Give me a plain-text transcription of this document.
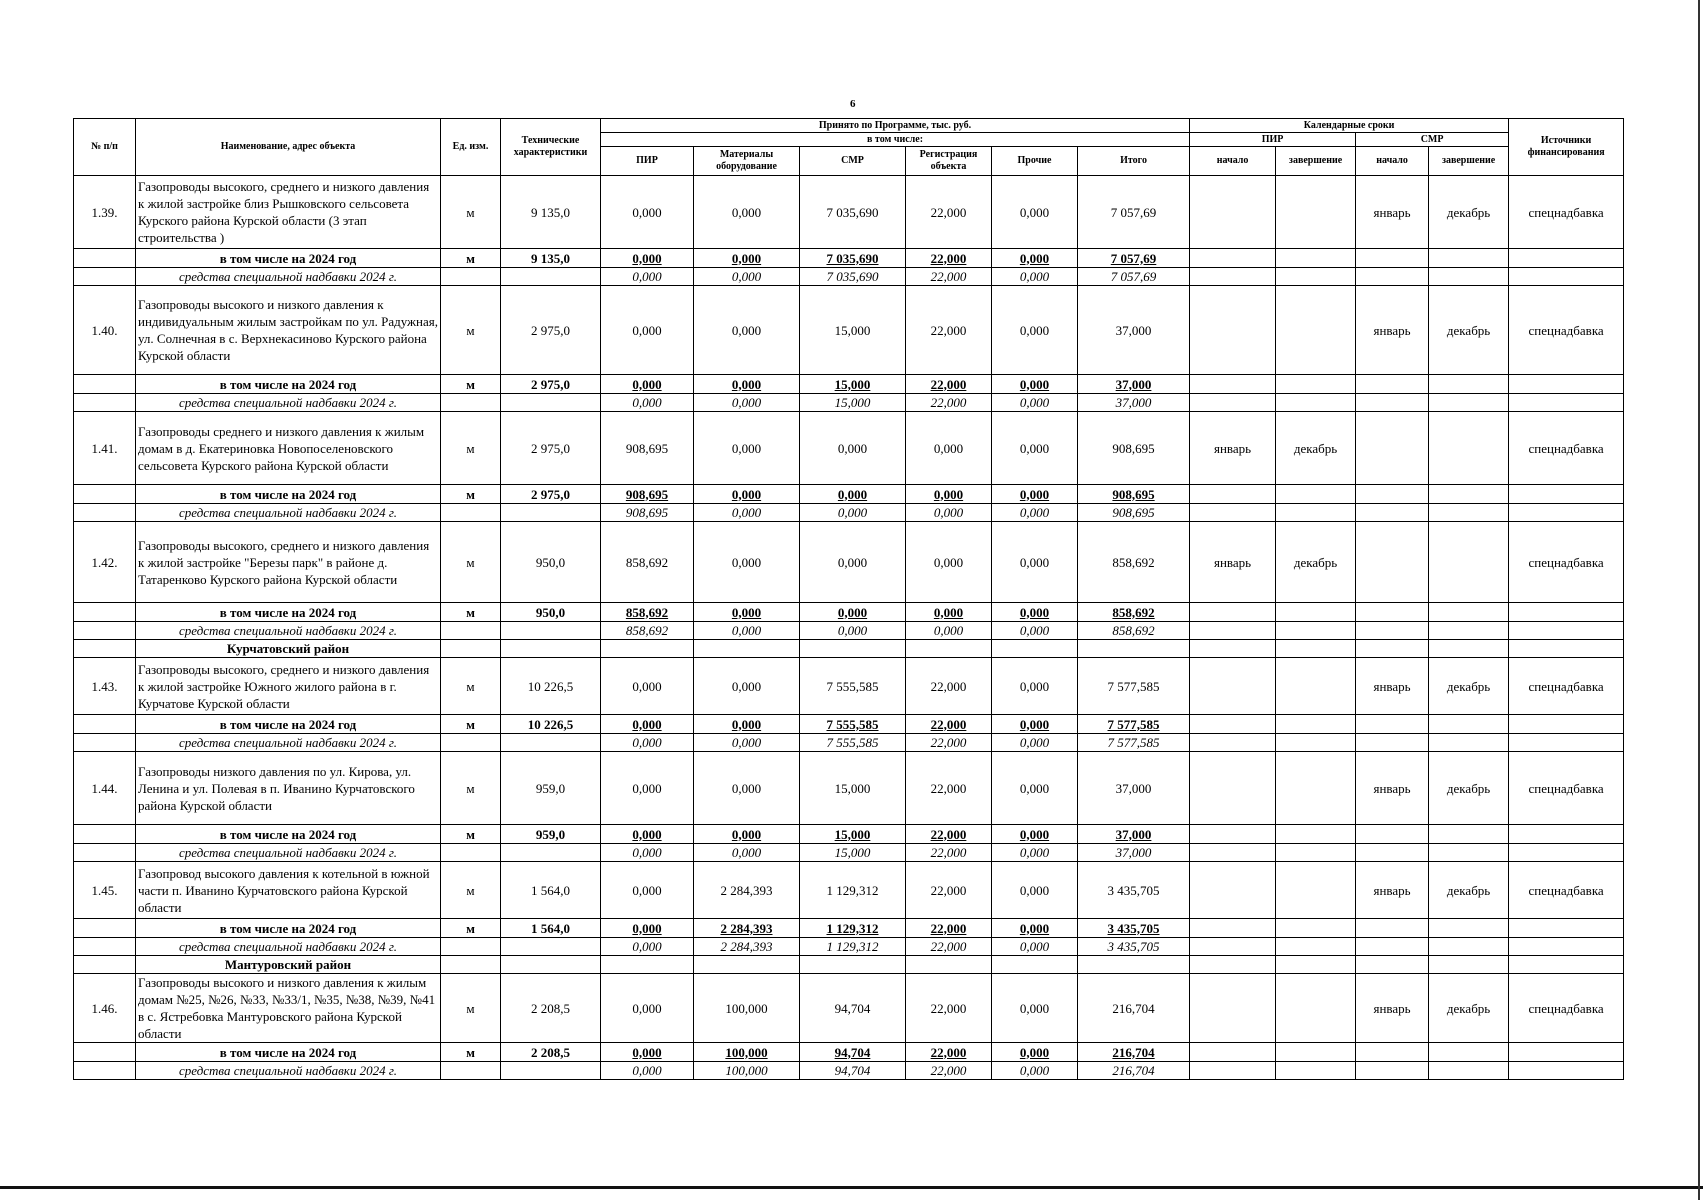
6
№ п/п	Наименование, адрес объекта	Ед. изм.	Технические характеристики	Принято по Программе, тыс. руб.						Календарные сроки				Источники финансирования
				в том числе:						ПИР		СМР		
				ПИР	Материалы оборудование	СМР	Регистрация объекта	Прочие	Итого	начало	завершение	начало	завершение	
1.39.	Газопроводы высокого, среднего и низкого давления к жилой застройке близ Рышковского сельсовета Курского района Курской области (3 этап строительства )	м	9 135,0	0,000	0,000	7 035,690	22,000	0,000	7 057,69			январь	декабрь	спецнадбавка
	в том числе на 2024 год	м	9 135,0	0,000	0,000	7 035,690	22,000	0,000	7 057,69					
	средства специальной надбавки 2024 г.			0,000	0,000	7 035,690	22,000	0,000	7 057,69					
1.40.	Газопроводы высокого и низкого давления к индивидуальным жилым застройкам по ул. Радужная, ул. Солнечная в с. Верхнекасиново Курского района Курской области	м	2 975,0	0,000	0,000	15,000	22,000	0,000	37,000			январь	декабрь	спецнадбавка
	в том числе на 2024 год	м	2 975,0	0,000	0,000	15,000	22,000	0,000	37,000					
	средства специальной надбавки 2024 г.			0,000	0,000	15,000	22,000	0,000	37,000					
1.41.	Газопроводы среднего и низкого давления к жилым домам в д. Екатериновка Новопоселеновского сельсовета Курского района Курской области	м	2 975,0	908,695	0,000	0,000	0,000	0,000	908,695	январь	декабрь			спецнадбавка
	в том числе на 2024 год	м	2 975,0	908,695	0,000	0,000	0,000	0,000	908,695					
	средства специальной надбавки 2024 г.			908,695	0,000	0,000	0,000	0,000	908,695					
1.42.	Газопроводы высокого, среднего и низкого давления к жилой застройке "Березы парк" в районе д. Татаренково Курского района Курской области	м	950,0	858,692	0,000	0,000	0,000	0,000	858,692	январь	декабрь			спецнадбавка
	в том числе на 2024 год	м	950,0	858,692	0,000	0,000	0,000	0,000	858,692					
	средства специальной надбавки 2024 г.			858,692	0,000	0,000	0,000	0,000	858,692					
	Курчатовский район													
1.43.	Газопроводы высокого, среднего и низкого давления к жилой застройке Южного жилого района в г. Курчатове Курской области	м	10 226,5	0,000	0,000	7 555,585	22,000	0,000	7 577,585			январь	декабрь	спецнадбавка
	в том числе на 2024 год	м	10 226,5	0,000	0,000	7 555,585	22,000	0,000	7 577,585					
	средства специальной надбавки 2024 г.			0,000	0,000	7 555,585	22,000	0,000	7 577,585					
1.44.	Газопроводы низкого давления по ул. Кирова, ул. Ленина и ул. Полевая в п. Иванино Курчатовского района Курской области	м	959,0	0,000	0,000	15,000	22,000	0,000	37,000			январь	декабрь	спецнадбавка
	в том числе на 2024 год	м	959,0	0,000	0,000	15,000	22,000	0,000	37,000					
	средства специальной надбавки 2024 г.			0,000	0,000	15,000	22,000	0,000	37,000					
1.45.	Газопровод высокого давления к котельной в южной части п. Иванино Курчатовского района Курской области	м	1 564,0	0,000	2 284,393	1 129,312	22,000	0,000	3 435,705			январь	декабрь	спецнадбавка
	в том числе на 2024 год	м	1 564,0	0,000	2 284,393	1 129,312	22,000	0,000	3 435,705					
	средства специальной надбавки 2024 г.			0,000	2 284,393	1 129,312	22,000	0,000	3 435,705					
	Мантуровский район													
1.46.	Газопроводы высокого и низкого давления к жилым домам №25, №26, №33, №33/1, №35, №38, №39, №41 в с. Ястребовка Мантуровского района Курской области	м	2 208,5	0,000	100,000	94,704	22,000	0,000	216,704			январь	декабрь	спецнадбавка
	в том числе на 2024 год	м	2 208,5	0,000	100,000	94,704	22,000	0,000	216,704					
	средства специальной надбавки 2024 г.			0,000	100,000	94,704	22,000	0,000	216,704					
